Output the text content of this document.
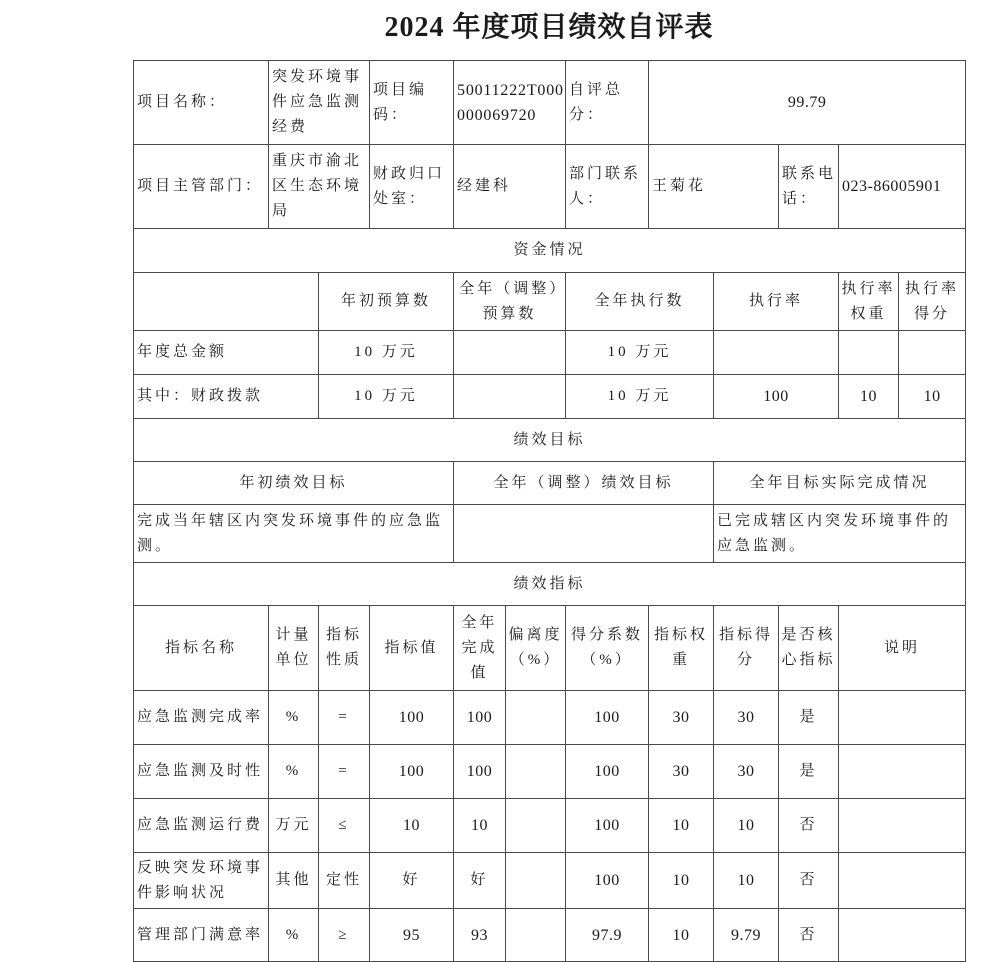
2024 年度项目绩效自评表
项目名称：	突发环境事件应急监测经费		项目编码：	50011222T000000069720		自评总分：	99.79				
项目主管部门：	重庆市渝北区生态环境局		财政归口处室：	经建科		部门联系人：	王菊花		联系电话：	023-86005901	
资金情况											
		年初预算数		全年（调整）预算数		全年执行数		执行率		执行率权重	执行率得分
年度总金额		10 万元				10 万元					
其中：财政拨款		10 万元				10 万元		100		10	10
绩效目标											
年初绩效目标				全年（调整）绩效目标				全年目标实际完成情况			
完成当年辖区内突发环境事件的应急监测。								已完成辖区内突发环境事件的应急监测。			
绩效指标											
指标名称	计量单位	指标性质	指标值	全年完成值	偏离度（%）	得分系数（%）	指标权重	指标得分	是否核心指标	说明	
应急监测完成率	%	=	100	100		100	30	30	是		
应急监测及时性	%	=	100	100		100	30	30	是		
应急监测运行费	万元	≤	10	10		100	10	10	否		
反映突发环境事件影响状况	其他	定性	好	好		100	10	10	否		
管理部门满意率	%	≥	95	93		97.9	10	9.79	否		
